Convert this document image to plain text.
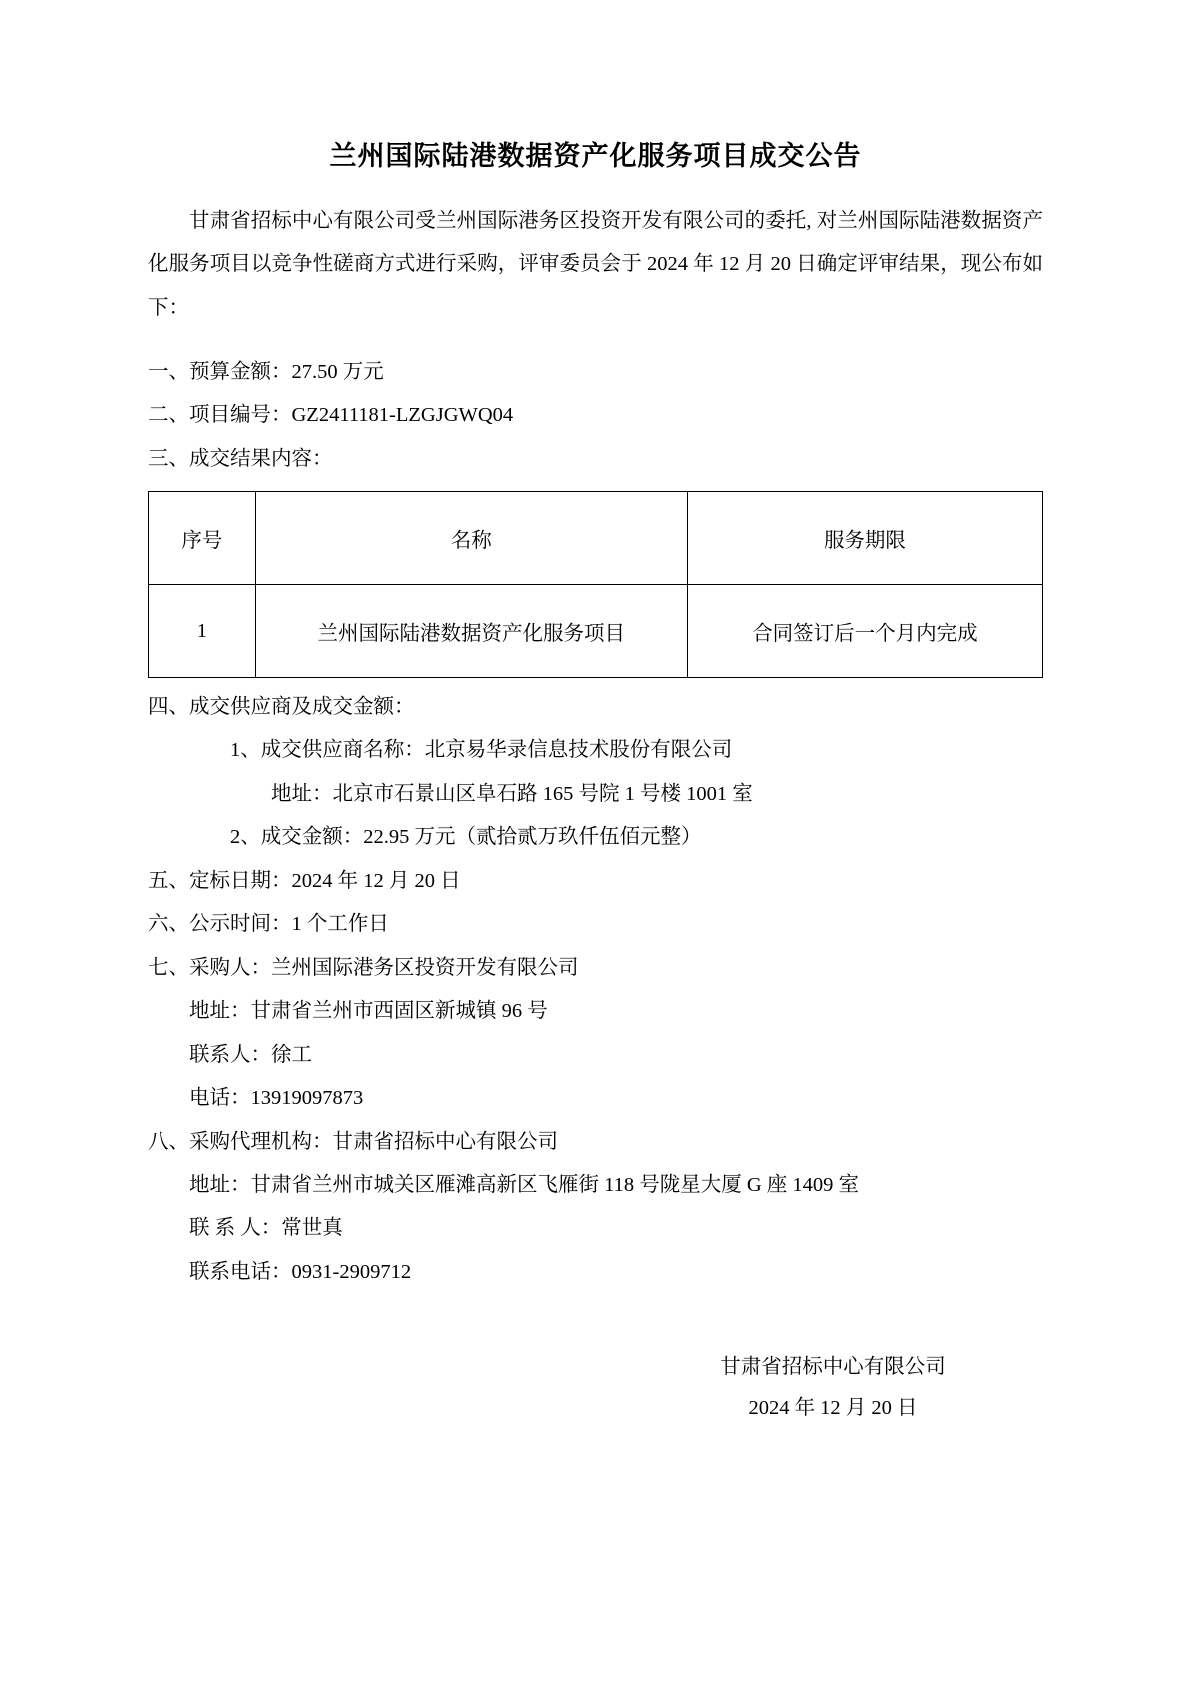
兰州国际陆港数据资产化服务项目成交公告

甘肃省招标中心有限公司受兰州国际港务区投资开发有限公司的委托, 对兰州国际陆港数据资产化服务项目以竞争性磋商方式进行采购，评审委员会于 2024 年 12 月 20 日确定评审结果，现公布如下：

一、预算金额：27.50 万元
二、项目编号：GZ2411181-LZGJGWQ04
三、成交结果内容：
序号	名称	服务期限
1	兰州国际陆港数据资产化服务项目	合同签订后一个月内完成
四、成交供应商及成交金额：
1、成交供应商名称：北京易华录信息技术股份有限公司
地址：北京市石景山区阜石路 165 号院 1 号楼 1001 室
2、成交金额：22.95 万元（贰拾贰万玖仟伍佰元整）
五、定标日期：2024 年 12 月 20 日
六、公示时间：1 个工作日
七、采购人：兰州国际港务区投资开发有限公司
地址：甘肃省兰州市西固区新城镇 96 号
联系人：徐工
电话：13919097873
八、采购代理机构：甘肃省招标中心有限公司
地址：甘肃省兰州市城关区雁滩高新区飞雁街 118 号陇星大厦 G 座 1409 室
联 系 人：常世真
联系电话：0931-2909712
甘肃省招标中心有限公司
2024 年 12 月 20 日
